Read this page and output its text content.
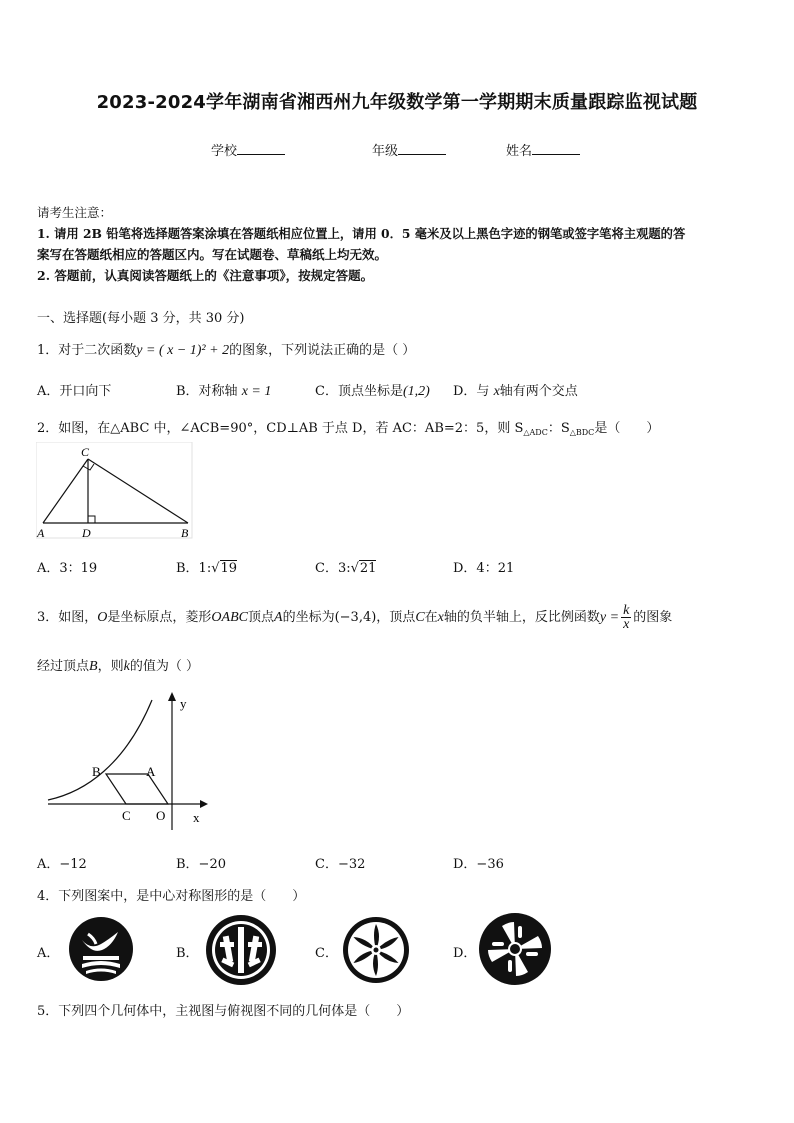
2023-2024学年湖南省湘西州九年级数学第一学期期末质量跟踪监视试题
学校	年级	姓名
请考生注意：
1. 请用 2B 铅笔将选择题答案涂填在答题纸相应位置上，请用 0．5 毫米及以上黑色字迹的钢笔或签字笔将主观题的答
案写在答题纸相应的答题区内。写在试题卷、草稿纸上均无效。
2. 答题前，认真阅读答题纸上的《注意事项》，按规定答题。
一、选择题(每小题 3 分，共 30 分)
1．对于二次函数y = ( x − 1)² + 2的图象，下列说法正确的是（ ）
A．开口向下	B．对称轴 x = 1	C．顶点坐标是(1,2) D．与 x轴有两个交点
2．如图，在△ABC 中，∠ACB=90°，CD⊥AB 于点 D，若 AC：AB=2：5，则 $S_{\triangle ADC}$：$S_{\triangle BDC}$是（　　）
C
A	D	B
A．3：19	B．1:√19	C．3:√21	D．4：21
3．如图，O是坐标原点，菱形OABC顶点A的坐标为(−3,4)，顶点C在x轴的负半轴上，反比例函数$y = \frac{k}{x}$ 的图象
经过顶点B，则k的值为（ ）
y
x
B	A
C O
A．−12	B．−20	C．−32	D．−36
4．下列图案中，是中心对称图形的是（　　）
A．	B．	C．	D．
5．下列四个几何体中，主视图与俯视图不同的几何体是（　　）
